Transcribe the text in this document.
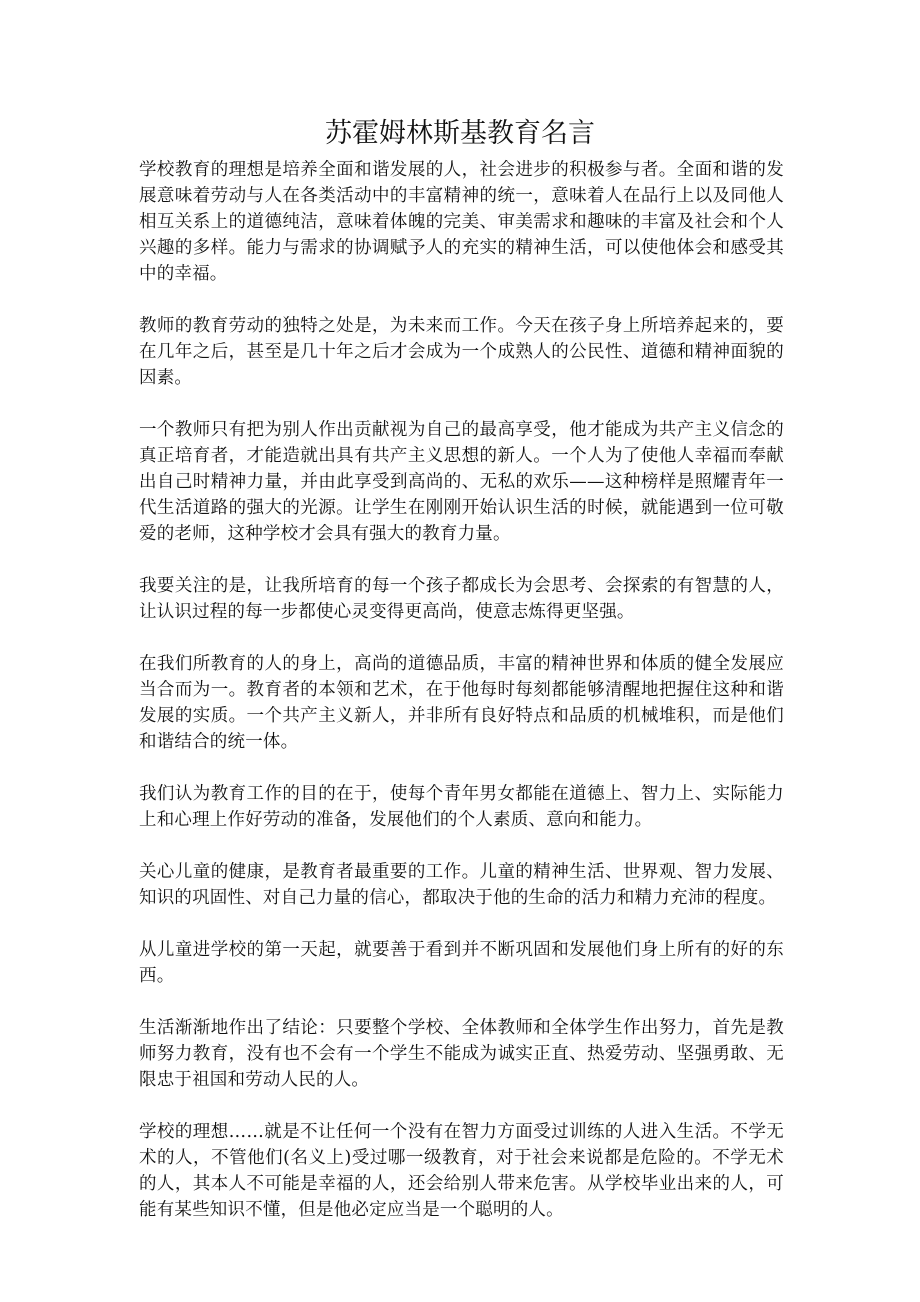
苏霍姆林斯基教育名言

学校教育的理想是培养全面和谐发展的人，社会进步的积极参与者。全面和谐的发展意味着劳动与人在各类活动中的丰富精神的统一，意味着人在品行上以及同他人相互关系上的道德纯洁，意味着体魄的完美、审美需求和趣味的丰富及社会和个人兴趣的多样。能力与需求的协调赋予人的充实的精神生活，可以使他体会和感受其中的幸福。

教师的教育劳动的独特之处是，为未来而工作。今天在孩子身上所培养起来的，要在几年之后，甚至是几十年之后才会成为一个成熟人的公民性、道德和精神面貌的因素。

一个教师只有把为别人作出贡献视为自己的最高享受，他才能成为共产主义信念的真正培育者，才能造就出具有共产主义思想的新人。一个人为了使他人幸福而奉献出自己时精神力量，并由此享受到高尚的、无私的欢乐——这种榜样是照耀青年一代生活道路的强大的光源。让学生在刚刚开始认识生活的时候，就能遇到一位可敬爱的老师，这种学校才会具有强大的教育力量。

我要关注的是，让我所培育的每一个孩子都成长为会思考、会探索的有智慧的人，让认识过程的每一步都使心灵变得更高尚，使意志炼得更坚强。

在我们所教育的人的身上，高尚的道德品质，丰富的精神世界和体质的健全发展应当合而为一。教育者的本领和艺术，在于他每时每刻都能够清醒地把握住这种和谐发展的实质。一个共产主义新人，并非所有良好特点和品质的机械堆积，而是他们和谐结合的统一体。

我们认为教育工作的目的在于，使每个青年男女都能在道德上、智力上、实际能力上和心理上作好劳动的准备，发展他们的个人素质、意向和能力。

关心儿童的健康，是教育者最重要的工作。儿童的精神生活、世界观、智力发展、知识的巩固性、对自己力量的信心，都取决于他的生命的活力和精力充沛的程度。

从儿童进学校的第一天起，就要善于看到并不断巩固和发展他们身上所有的好的东西。

生活渐渐地作出了结论：只要整个学校、全体教师和全体学生作出努力，首先是教师努力教育，没有也不会有一个学生不能成为诚实正直、热爱劳动、坚强勇敢、无限忠于祖国和劳动人民的人。

学校的理想……就是不让任何一个没有在智力方面受过训练的人进入生活。不学无术的人，不管他们(名义上)受过哪一级教育，对于社会来说都是危险的。不学无术的人，其本人不可能是幸福的人，还会给别人带来危害。从学校毕业出来的人，可能有某些知识不懂，但是他必定应当是一个聪明的人。
